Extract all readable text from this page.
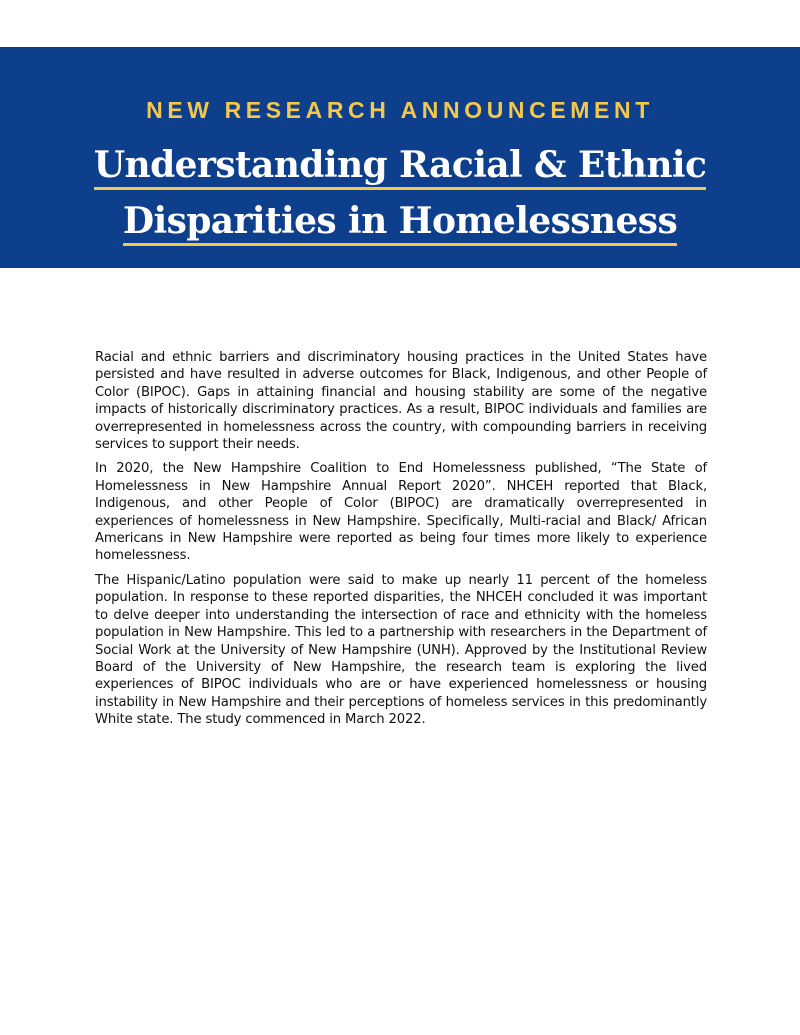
NEW RESEARCH ANNOUNCEMENT
Understanding Racial & Ethnic
Disparities in Homelessness

Racial and ethnic barriers and discriminatory housing practices in the United States have persisted and have resulted in adverse outcomes for Black, Indigenous, and other People of Color (BIPOC). Gaps in attaining financial and housing stability are some of the negative impacts of historically discriminatory practices. As a result, BIPOC individuals and families are overrepresented in homelessness across the country, with compounding barriers in receiving services to support their needs.

In 2020, the New Hampshire Coalition to End Homelessness published, “The State of Homelessness in New Hampshire Annual Report 2020”. NHCEH reported that Black, Indigenous, and other People of Color (BIPOC) are dramatically overrepresented in experiences of homelessness in New Hampshire. Specifically, Multi-racial and Black/ African Americans in New Hampshire were reported as being four times more likely to experience homelessness.

The Hispanic/Latino population were said to make up nearly 11 percent of the homeless population. In response to these reported disparities, the NHCEH concluded it was important to delve deeper into understanding the intersection of race and ethnicity with the homeless population in New Hampshire. This led to a partnership with researchers in the Department of Social Work at the University of New Hampshire (UNH). Approved by the Institutional Review Board of the University of New Hampshire, the research team is exploring the lived experiences of BIPOC individuals who are or have experienced homelessness or housing instability in New Hampshire and their perceptions of homeless services in this predominantly White state. The study commenced in March 2022.
